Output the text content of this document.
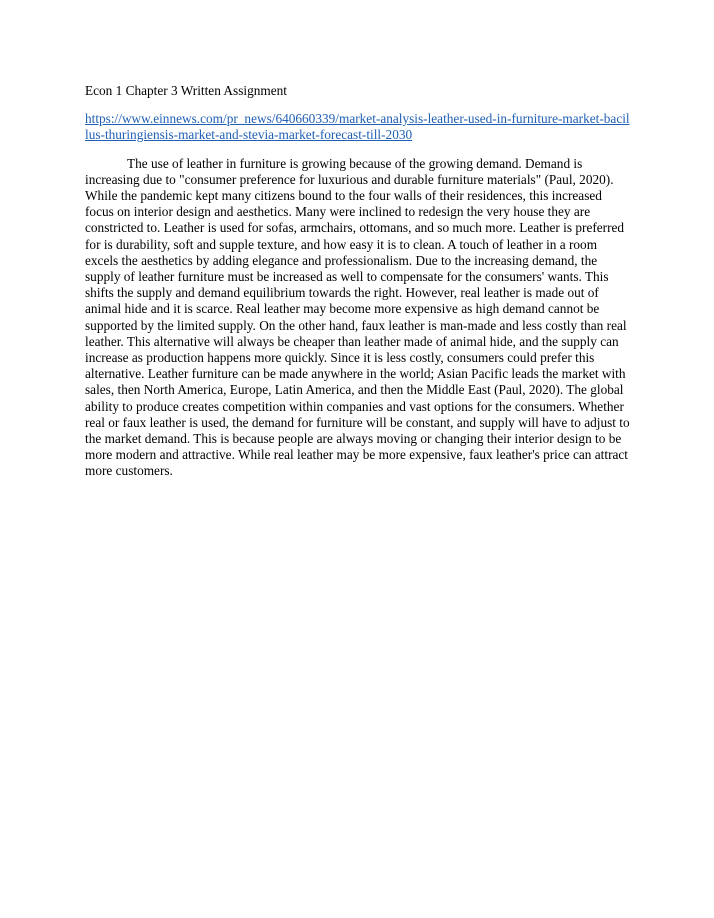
Econ 1 Chapter 3 Written Assignment

https://www.einnews.com/pr_news/640660339/market-analysis-leather-used-in-furniture-market-bacillus-thuringiensis-market-and-stevia-market-forecast-till-2030

The use of leather in furniture is growing because of the growing demand. Demand is increasing due to "consumer preference for luxurious and durable furniture materials" (Paul, 2020). While the pandemic kept many citizens bound to the four walls of their residences, this increased focus on interior design and aesthetics. Many were inclined to redesign the very house they are constricted to. Leather is used for sofas, armchairs, ottomans, and so much more. Leather is preferred for is durability, soft and supple texture, and how easy it is to clean. A touch of leather in a room excels the aesthetics by adding elegance and professionalism. Due to the increasing demand, the supply of leather furniture must be increased as well to compensate for the consumers' wants. This shifts the supply and demand equilibrium towards the right. However, real leather is made out of animal hide and it is scarce. Real leather may become more expensive as high demand cannot be supported by the limited supply. On the other hand, faux leather is man-made and less costly than real leather. This alternative will always be cheaper than leather made of animal hide, and the supply can increase as production happens more quickly. Since it is less costly, consumers could prefer this alternative. Leather furniture can be made anywhere in the world; Asian Pacific leads the market with sales, then North America, Europe, Latin America, and then the Middle East (Paul, 2020). The global ability to produce creates competition within companies and vast options for the consumers. Whether real or faux leather is used, the demand for furniture will be constant, and supply will have to adjust to the market demand. This is because people are always moving or changing their interior design to be more modern and attractive. While real leather may be more expensive, faux leather's price can attract more customers.
